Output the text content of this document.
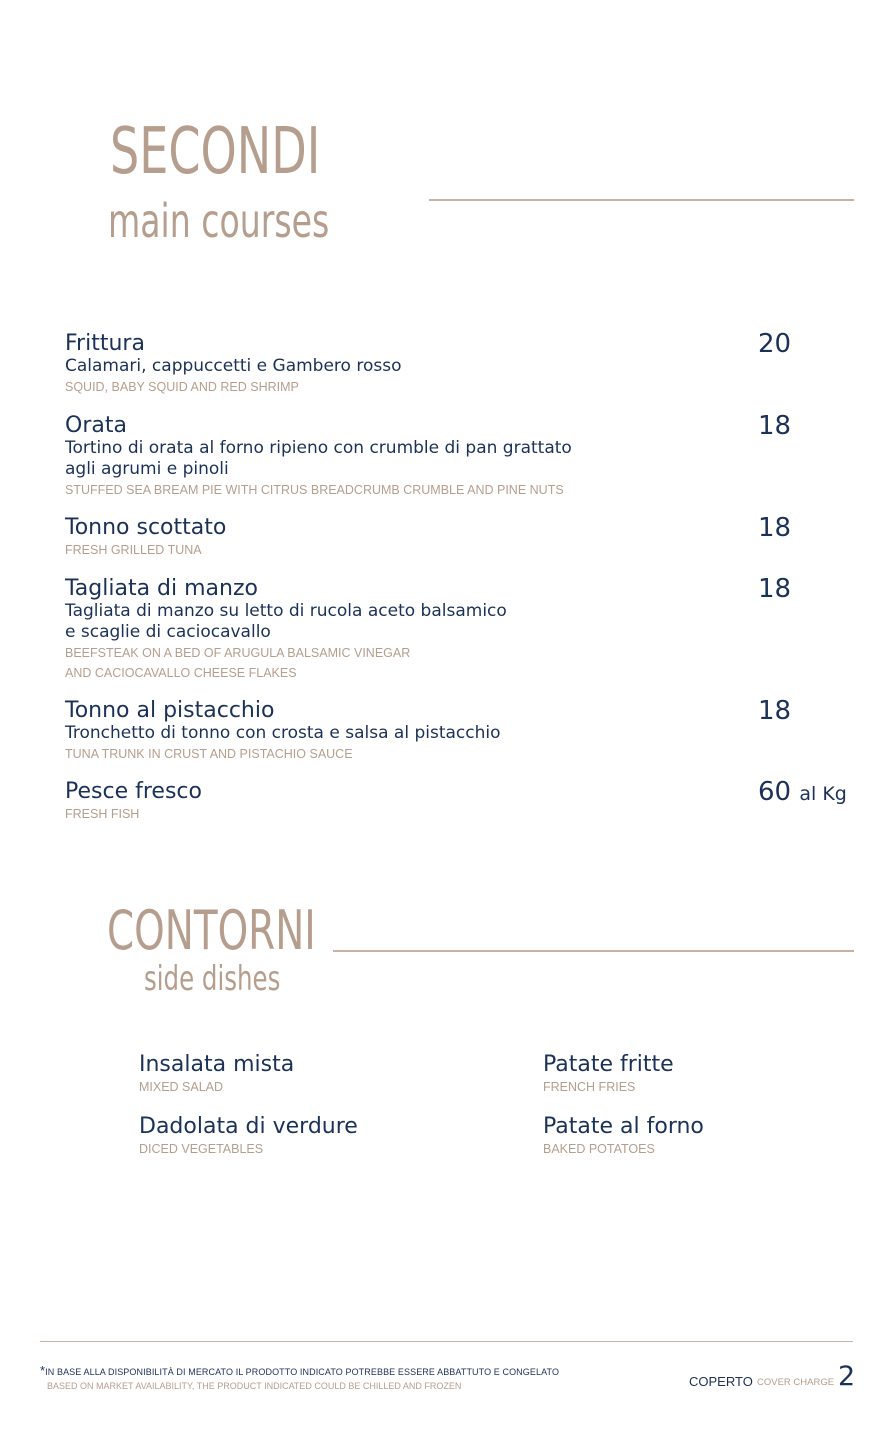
SECONDI
main courses
Frittura
Calamari, cappuccetti e Gambero rosso
SQUID, BABY SQUID AND RED SHRIMP
20
Orata
Tortino di orata al forno ripieno con crumble di pan grattato
agli agrumi e pinoli
STUFFED SEA BREAM PIE WITH CITRUS BREADCRUMB CRUMBLE AND PINE NUTS
18
Tonno scottato
FRESH GRILLED TUNA
18
Tagliata di manzo
Tagliata di manzo su letto di rucola aceto balsamico
e scaglie di caciocavallo
BEEFSTEAK ON A BED OF ARUGULA BALSAMIC VINEGAR
AND CACIOCAVALLO CHEESE FLAKES
18
Tonno al pistacchio
Tronchetto di tonno con crosta e salsa al pistacchio
TUNA TRUNK IN CRUST AND PISTACHIO SAUCE
18
Pesce fresco
FRESH FISH
60 al Kg
CONTORNI
side dishes
Insalata mista
MIXED SALAD
Patate fritte
FRENCH FRIES
Dadolata di verdure
DICED VEGETABLES
Patate al forno
BAKED POTATOES
*IN BASE ALLA DISPONIBILITÀ DI MERCATO IL PRODOTTO INDICATO POTREBBE ESSERE ABBATTUTO E CONGELATO
BASED ON MARKET AVAILABILITY, THE PRODUCT INDICATED COULD BE CHILLED AND FROZEN	COPERTO COVER CHARGE 2
